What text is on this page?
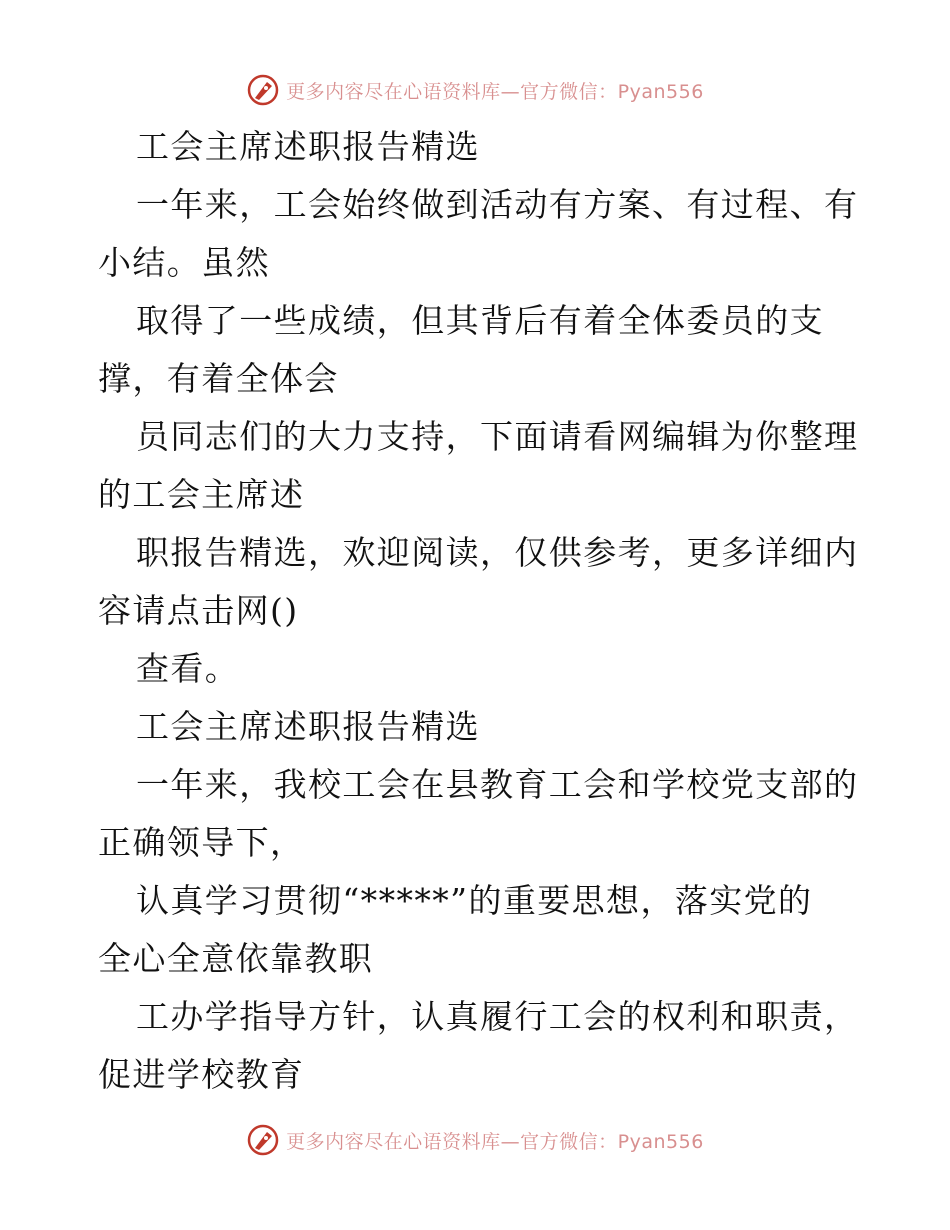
更多内容尽在心语资料库—官方微信：Pyan556
工会主席述职报告精选
一年来，工会始终做到活动有方案、有过程、有
小结。虽然
取得了一些成绩，但其背后有着全体委员的支
撑，有着全体会
员同志们的大力支持，下面请看网编辑为你整理
的工会主席述
职报告精选，欢迎阅读，仅供参考，更多详细内
容请点击网()
查看。
工会主席述职报告精选
一年来，我校工会在县教育工会和学校党支部的
正确领导下，
认真学习贯彻“*****”的重要思想，落实党的
全心全意依靠教职
工办学指导方针，认真履行工会的权利和职责，
促进学校教育
更多内容尽在心语资料库—官方微信：Pyan556
